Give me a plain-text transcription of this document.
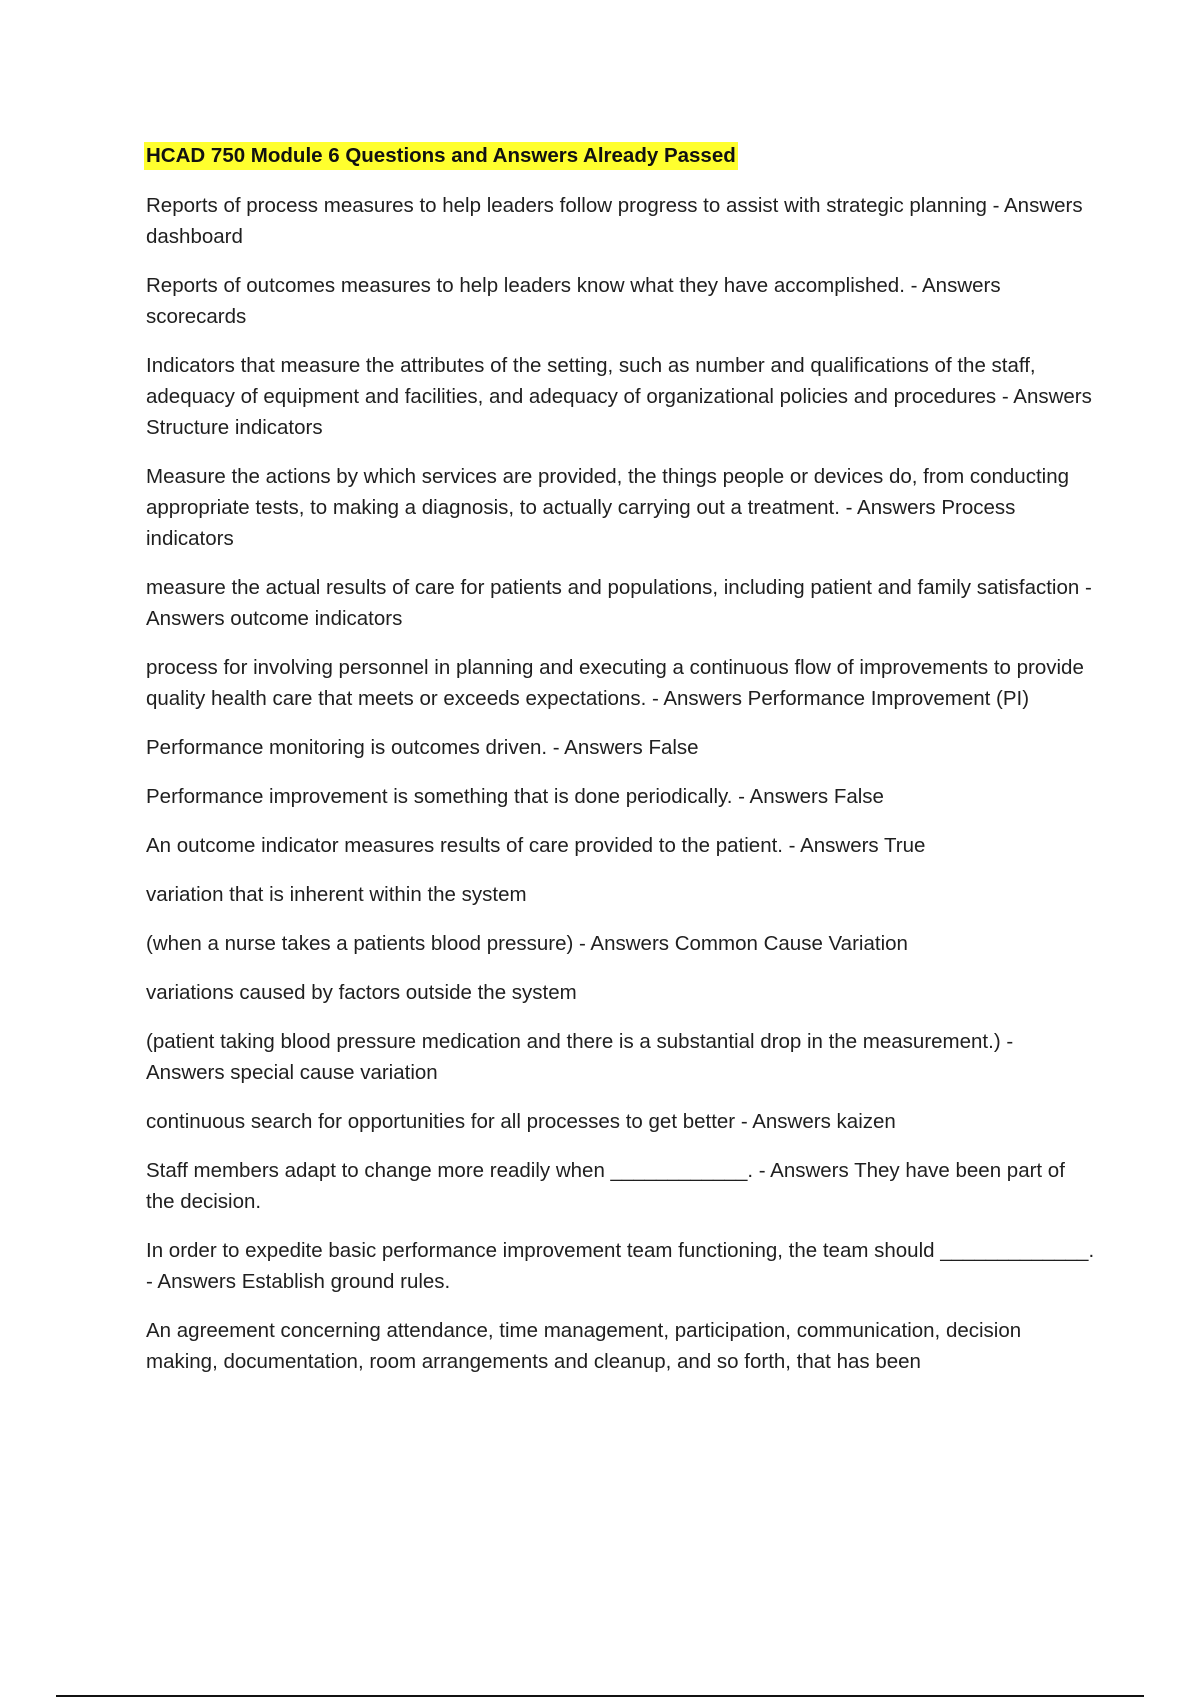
HCAD 750 Module 6 Questions and Answers Already Passed

Reports of process measures to help leaders follow progress to assist with strategic planning - Answers dashboard

Reports of outcomes measures to help leaders know what they have accomplished. - Answers scorecards

Indicators that measure the attributes of the setting, such as number and qualifications of the staff, adequacy of equipment and facilities, and adequacy of organizational policies and procedures - Answers Structure indicators

Measure the actions by which services are provided, the things people or devices do, from conducting appropriate tests, to making a diagnosis, to actually carrying out a treatment. - Answers Process indicators

measure the actual results of care for patients and populations, including patient and family satisfaction - Answers outcome indicators

process for involving personnel in planning and executing a continuous flow of improvements to provide quality health care that meets or exceeds expectations. - Answers Performance Improvement (PI)

Performance monitoring is outcomes driven. - Answers False

Performance improvement is something that is done periodically. - Answers False

An outcome indicator measures results of care provided to the patient. - Answers True

variation that is inherent within the system

(when a nurse takes a patients blood pressure) - Answers Common Cause Variation

variations caused by factors outside the system

(patient taking blood pressure medication and there is a substantial drop in the measurement.) - Answers special cause variation

continuous search for opportunities for all processes to get better - Answers kaizen

Staff members adapt to change more readily when ____________. - Answers They have been part of the decision.

In order to expedite basic performance improvement team functioning, the team should _____________. - Answers Establish ground rules.

An agreement concerning attendance, time management, participation, communication, decision making, documentation, room arrangements and cleanup, and so forth, that has been
